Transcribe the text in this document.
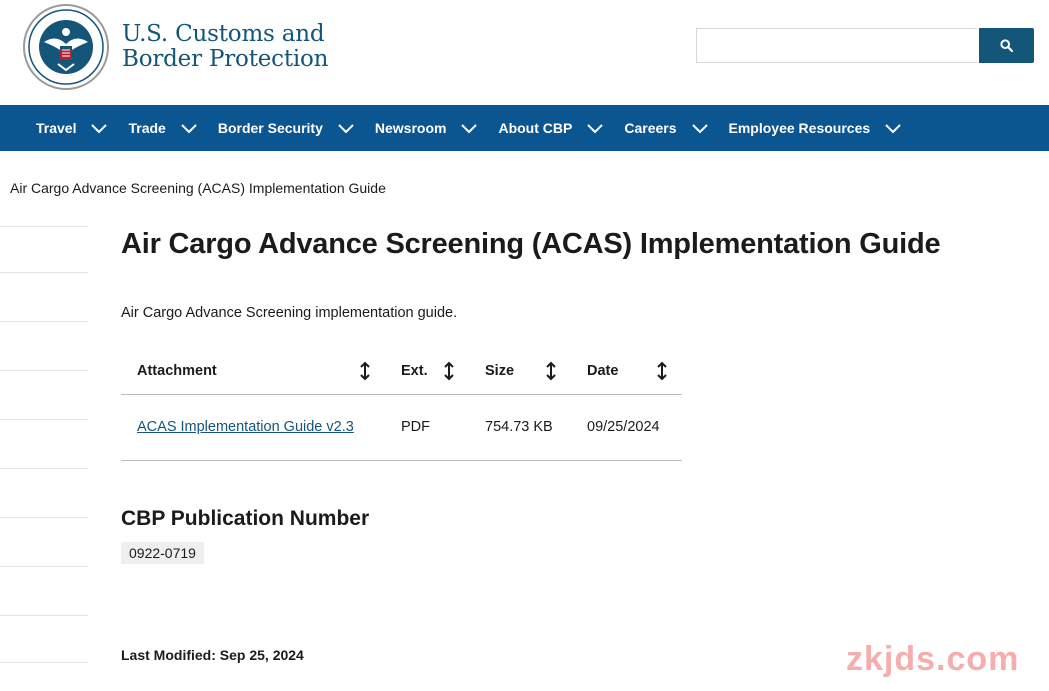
U.S. Customs and
Border Protection
Travel	Trade	Border Security	Newsroom	About CBP	Careers	Employee Resources
Air Cargo Advance Screening (ACAS) Implementation Guide
Air Cargo Advance Screening (ACAS) Implementation Guide

Air Cargo Advance Screening implementation guide.

Attachment	Ext.	Size	Date

ACAS Implementation Guide v2.3	PDF	754.73 KB	09/25/2024
CBP Publication Number
0922-0719
Last Modified: Sep 25, 2024	zkjds.com
